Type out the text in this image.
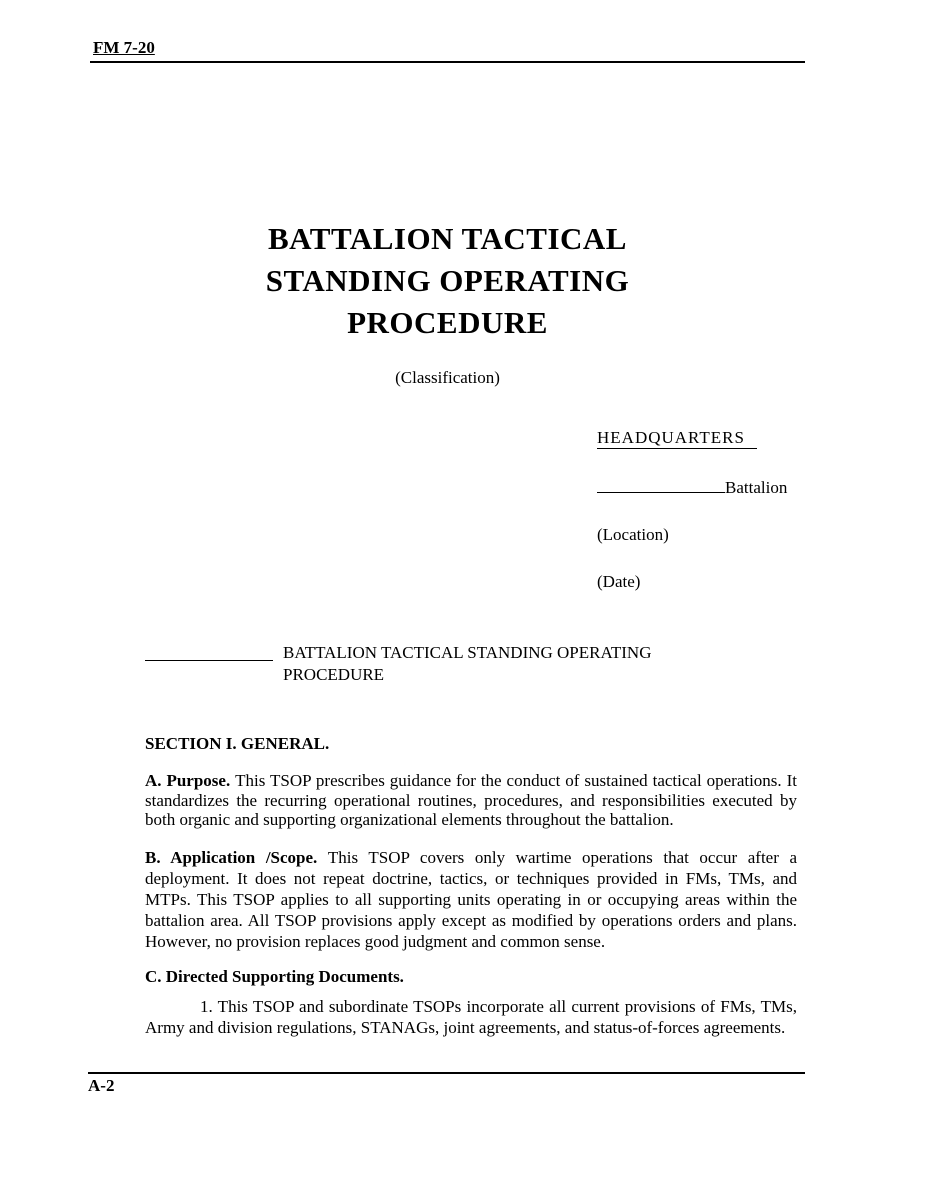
FM 7-20
BATTALION TACTICAL
STANDING OPERATING
PROCEDURE
(Classification)
HEADQUARTERS
Battalion
(Location)
(Date)
BATTALION TACTICAL STANDING OPERATING PROCEDURE
SECTION I. GENERAL.

A. Purpose. This TSOP prescribes guidance for the conduct of sustained tactical operations. It standardizes the recurring operational routines, procedures, and responsibilities executed by both organic and supporting organizational elements throughout the battalion.

B. Application /Scope. This TSOP covers only wartime operations that occur after a deployment. It does not repeat doctrine, tactics, or techniques provided in FMs, TMs, and MTPs. This TSOP applies to all supporting units operating in or occupying areas within the battalion area. All TSOP provisions apply except as modified by operations orders and plans. However, no provision replaces good judgment and common sense.

C. Directed Supporting Documents.

1. This TSOP and subordinate TSOPs incorporate all current provisions of FMs, TMs, Army and division regulations, STANAGs, joint agreements, and status-of-forces agreements.

A-2
